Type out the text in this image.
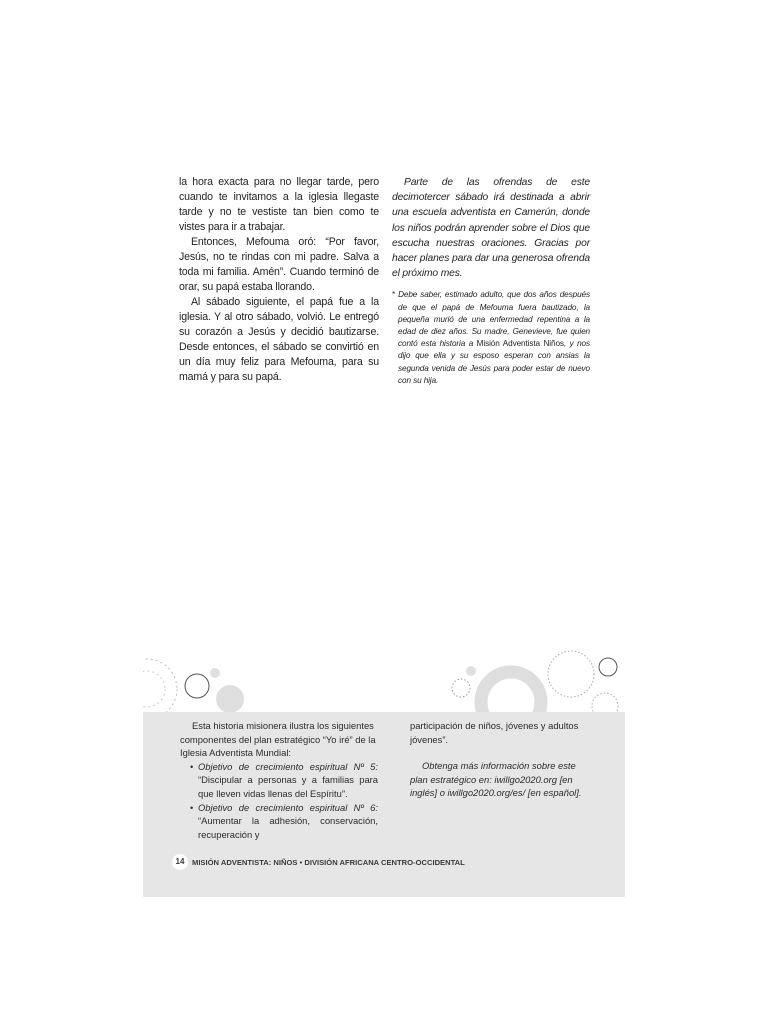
la hora exacta para no llegar tarde, pero cuando te invitamos a la iglesia llegaste tarde y no te vestiste tan bien como te vistes para ir a trabajar.

Entonces, Mefouma oró: “Por favor, Jesús, no te rindas con mi padre. Salva a toda mi familia. Amén”. Cuando terminó de orar, su papá estaba llorando.

Al sábado siguiente, el papá fue a la iglesia. Y al otro sábado, volvió. Le entregó su corazón a Jesús y decidió bautizarse. Desde entonces, el sábado se convirtió en un día muy feliz para Mefouma, para su mamá y para su papá.

Parte de las ofrendas de este decimotercer sábado irá destinada a abrir una escuela adventista en Camerún, donde los niños podrán aprender sobre el Dios que escucha nuestras oraciones. Gracias por hacer planes para dar una generosa ofrenda el próximo mes.

* Debe saber, estimado adulto, que dos años después de que el papá de Mefouma fuera bautizado, la pequeña murió de una enfermedad repentina a la edad de diez años. Su madre, Genevieve, fue quien contó esta historia a Misión Adventista Niños, y nos dijo que ella y su esposo esperan con ansias la segunda venida de Jesús para poder estar de nuevo con su hija.

Esta historia misionera ilustra los siguientes componentes del plan estratégico “Yo iré” de la Iglesia Adventista Mundial:

• Objetivo de crecimiento espiritual Nº 5: “Discipular a personas y a familias para que lleven vidas llenas del Espíritu”.
• Objetivo de crecimiento espiritual Nº 6: “Aumentar la adhesión, conservación, recuperación y

participación de niños, jóvenes y adultos jóvenes”.

Obtenga más información sobre este plan estratégico en: iwillgo2020.org [en inglés] o iwillgo2020.org/es/ [en español].

14 MISIÓN ADVENTISTA: NIÑOS • DIVISIÓN AFRICANA CENTRO-OCCIDENTAL
